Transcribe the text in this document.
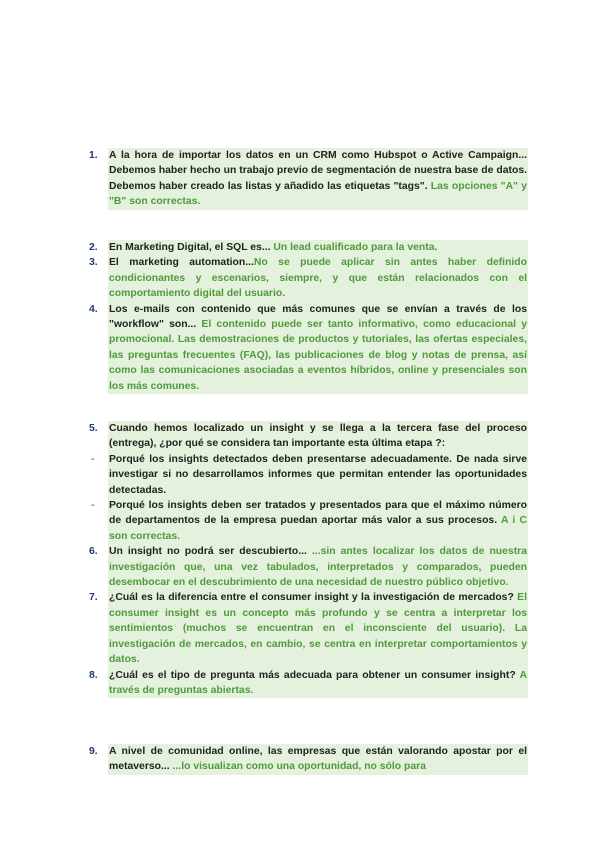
1. A la hora de importar los datos en un CRM como Hubspot o Active Campaign... Debemos haber hecho un trabajo previo de segmentación de nuestra base de datos. Debemos haber creado las listas y añadido las etiquetas "tags". Las opciones "A" y "B" son correctas.
2. En Marketing Digital, el SQL es... Un lead cualificado para la venta.
3. El marketing automation...No se puede aplicar sin antes haber definido condicionantes y escenarios, siempre, y que están relacionados con el comportamiento digital del usuario.
4. Los e-mails con contenido que más comunes que se envían a través de los "workflow" son... El contenido puede ser tanto informativo, como educacional y promocional. Las demostraciones de productos y tutoriales, las ofertas especiales, las preguntas frecuentes (FAQ), las publicaciones de blog y notas de prensa, así como las comunicaciones asociadas a eventos híbridos, online y presenciales son los más comunes.
5. Cuando hemos localizado un insight y se llega a la tercera fase del proceso (entrega), ¿por qué se considera tan importante esta última etapa ?:
- Porqué los insights detectados deben presentarse adecuadamente. De nada sirve investigar si no desarrollamos informes que permitan entender las oportunidades detectadas.
- Porqué los insights deben ser tratados y presentados para que el máximo número de departamentos de la empresa puedan aportar más valor a sus procesos. A i C son correctas.
6. Un insight no podrá ser descubierto... ...sin antes localizar los datos de nuestra investigación que, una vez tabulados, interpretados y comparados, pueden desembocar en el descubrimiento de una necesidad de nuestro público objetivo.
7. ¿Cuál es la diferencia entre el consumer insight y la investigación de mercados? El consumer insight es un concepto más profundo y se centra a interpretar los sentimientos (muchos se encuentran en el inconsciente del usuario). La investigación de mercados, en cambio, se centra en interpretar comportamientos y datos.
8. ¿Cuál es el tipo de pregunta más adecuada para obtener un consumer insight? A través de preguntas abiertas.
9. A nivel de comunidad online, las empresas que están valorando apostar por el metaverso... ...lo visualizan como una oportunidad, no sólo para
